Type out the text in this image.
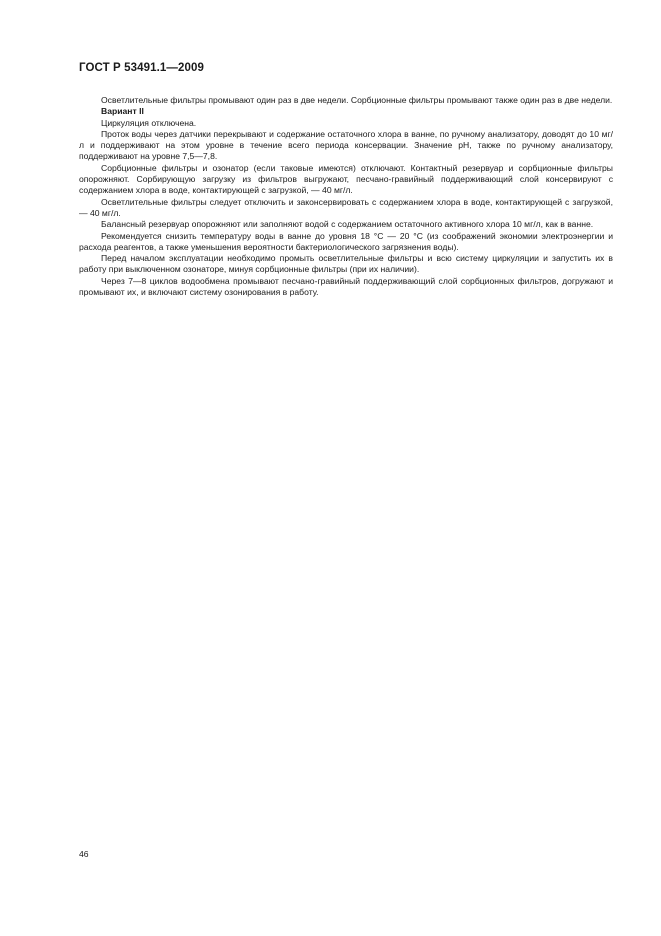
ГОСТ Р 53491.1—2009

Осветлительные фильтры промывают один раз в две недели. Сорбционные фильтры промывают также один раз в две недели.

Вариант II

Циркуляция отключена.

Проток воды через датчики перекрывают и содержание остаточного хлора в ванне, по ручному анализатору, доводят до 10 мг/л и поддерживают на этом уровне в течение всего периода консервации. Значение pH, также по ручному анализатору, поддерживают на уровне 7,5—7,8.

Сорбционные фильтры и озонатор (если таковые имеются) отключают. Контактный резервуар и сорбционные фильтры опорожняют. Сорбирующую загрузку из фильтров выгружают, песчано-гравийный поддерживающий слой консервируют с содержанием хлора в воде, контактирующей с загрузкой, — 40 мг/л.

Осветлительные фильтры следует отключить и законсервировать с содержанием хлора в воде, контактирующей с загрузкой, — 40 мг/л.

Балансный резервуар опорожняют или заполняют водой с содержанием остаточного активного хлора 10 мг/л, как в ванне.

Рекомендуется снизить температуру воды в ванне до уровня 18 °С — 20 °С (из соображений экономии электроэнергии и расхода реагентов, а также уменьшения вероятности бактериологического загрязнения воды).

Перед началом эксплуатации необходимо промыть осветлительные фильтры и всю систему циркуляции и запустить их в работу при выключенном озонаторе, минуя сорбционные фильтры (при их наличии).

Через 7—8 циклов водообмена промывают песчано-гравийный поддерживающий слой сорбционных фильтров, догружают и промывают их, и включают систему озонирования в работу.

46
